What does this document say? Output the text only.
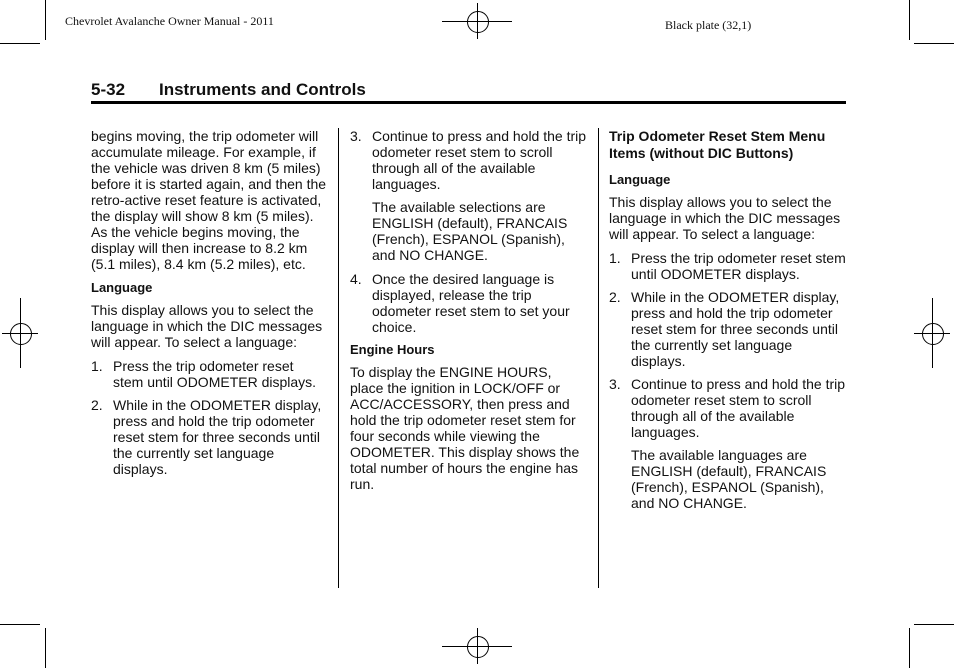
Chevrolet Avalanche Owner Manual - 2011	Black plate (32,1)
5-32 Instruments and Controls

begins moving, the trip odometer will accumulate mileage. For example, if the vehicle was driven 8 km (5 miles) before it is started again, and then the retro-active reset feature is activated, the display will show 8 km (5 miles). As the vehicle begins moving, the display will then increase to 8.2 km (5.1 miles), 8.4 km (5.2 miles), etc.

Language

This display allows you to select the language in which the DIC messages will appear. To select a language:

1. Press the trip odometer reset stem until ODOMETER displays.
2. While in the ODOMETER display, press and hold the trip odometer reset stem for three seconds until the currently set language displays.
3. Continue to press and hold the trip odometer reset stem to scroll through all of the available languages.

The available selections are ENGLISH (default), FRANCAIS (French), ESPANOL (Spanish), and NO CHANGE.

4. Once the desired language is displayed, release the trip odometer reset stem to set your choice.
Engine Hours

To display the ENGINE HOURS, place the ignition in LOCK/OFF or ACC/ACCESSORY, then press and hold the trip odometer reset stem for four seconds while viewing the ODOMETER. This display shows the total number of hours the engine has run.

Trip Odometer Reset Stem Menu Items (without DIC Buttons)
Language

This display allows you to select the language in which the DIC messages will appear. To select a language:

1. Press the trip odometer reset stem until ODOMETER displays.
2. While in the ODOMETER display, press and hold the trip odometer reset stem for three seconds until the currently set language displays.
3. Continue to press and hold the trip odometer reset stem to scroll through all of the available languages.

The available languages are ENGLISH (default), FRANCAIS (French), ESPANOL (Spanish), and NO CHANGE.
